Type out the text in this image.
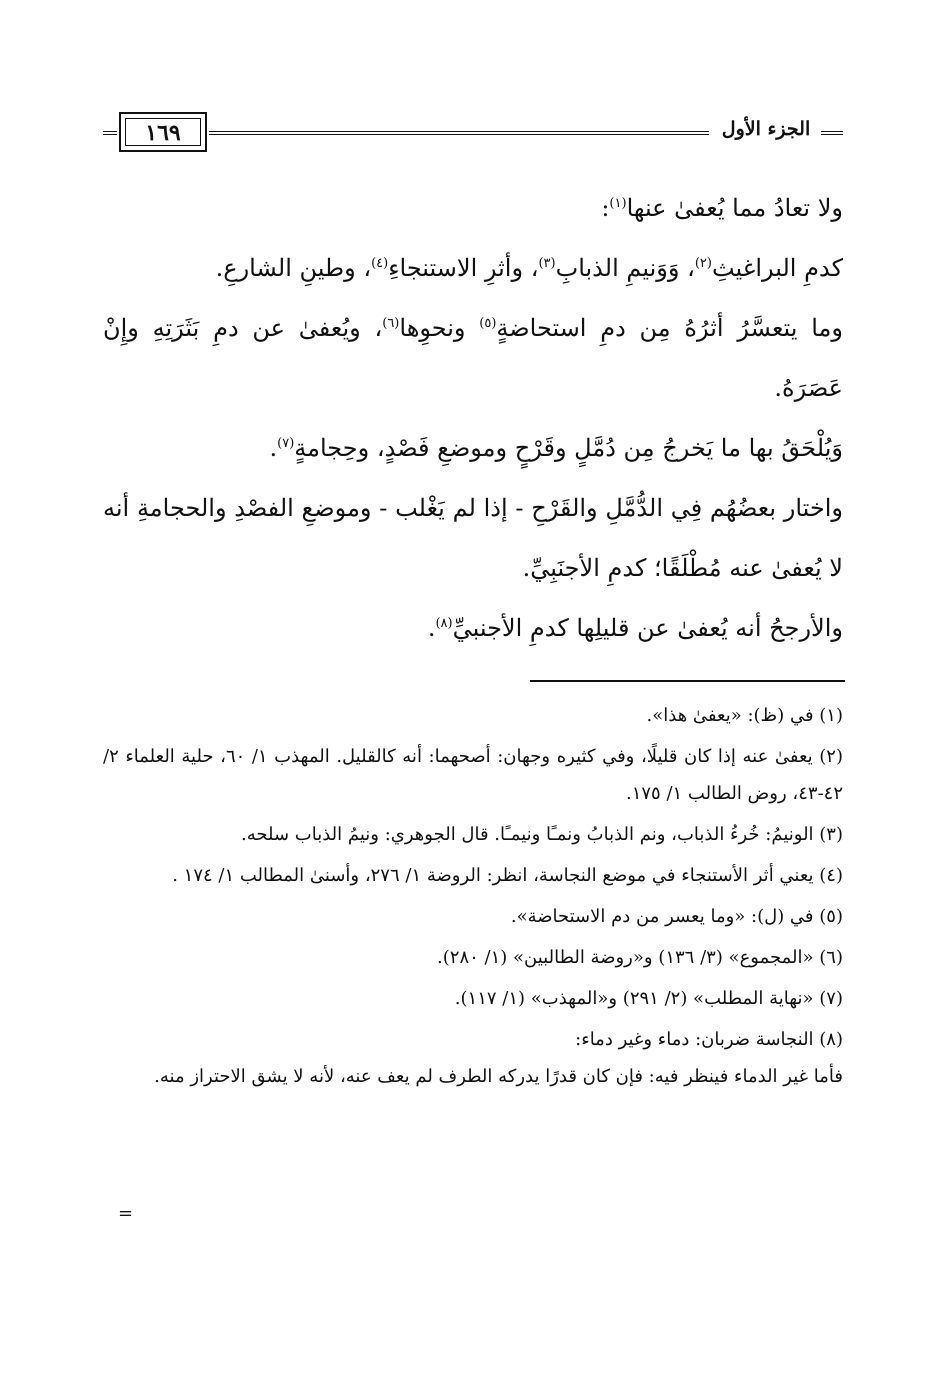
١٦٩	الجزء الأول

ولا تعادُ مما يُعفىٰ عنها$^{(١)}$:

كدمِ البراغيثِ$^{(٢)}$، وَوَنيمِ الذبابِ$^{(٣)}$، وأثرِ الاستنجاءِ$^{(٤)}$، وطينِ الشارعِ.

وما يتعسَّرُ أثرُهُ مِن دمِ استحاضةٍ$^{(٥)}$ ونحوِها$^{(٦)}$، ويُعفىٰ عن دمِ بَثَرَتِهِ وإِنْ عَصَرَهُ.

وَيُلْحَقُ بها ما يَخرجُ مِن دُمَّلٍ وقَرْحٍ وموضعِ فَصْدٍ، وحِجامةٍ$^{(٧)}$.

واختار بعضُهُم فِي الدُّمَّلِ والقَرْحِ - إذا لم يَغْلب - وموضعِ الفصْدِ والحجامةِ أنه لا يُعفىٰ عنه مُطْلَقًا؛ كدمِ الأجنَبِيِّ.

والأرجحُ أنه يُعفىٰ عن قليلِها كدمِ الأجنبيِّ$^{(٨)}$.

(١) في (ظ): «يعفىٰ هذا».

(٢) يعفىٰ عنه إذا كان قليلًا، وفي كثيره وجهان: أصحهما: أنه كالقليل. المهذب ١/ ٦٠، حلية العلماء ٢/ ٤٢-٤٣، روض الطالب ١/ ١٧٥.

(٣) الونيمُ: خُرءُ الذباب، ونم الذبابُ ونمـًا ونيمـًا. قال الجوهري: ونيمُ الذباب سلحه.

(٤) يعني أثر الأستنجاء في موضع النجاسة، انظر: الروضة ١/ ٢٧٦، وأسنىٰ المطالب ١/ ١٧٤ .

(٥) في (ل): «وما يعسر من دم الاستحاضة».

(٦) «المجموع» (٣/ ١٣٦) و«روضة الطالبين» (١/ ٢٨٠).

(٧) «نهاية المطلب» (٢/ ٢٩١) و«المهذب» (١/ ١١٧).

(٨) النجاسة ضربان: دماء وغير دماء:

فأما غير الدماء فينظر فيه: فإن كان قدرًا يدركه الطرف لم يعف عنه، لأنه لا يشق الاحتراز منه.

=
